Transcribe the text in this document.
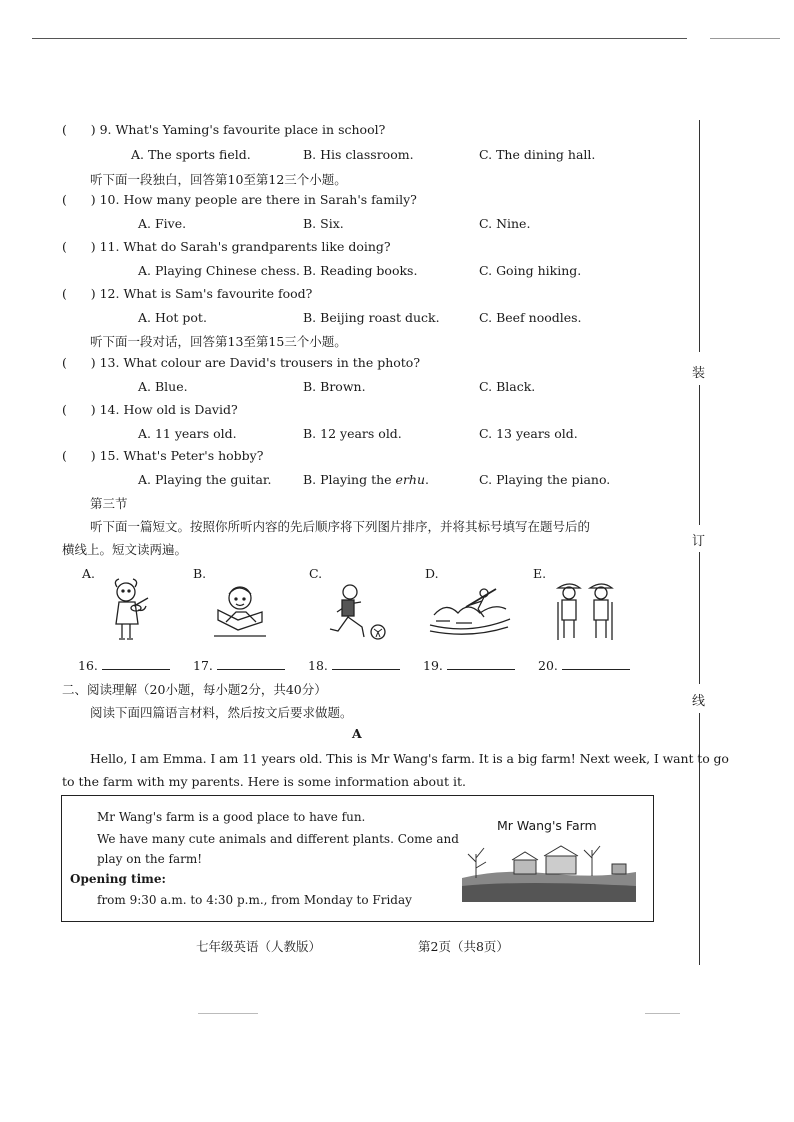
装
订
线
(      ) 9. What's Yaming's favourite place in school?
A. The sports field.	B. His classroom.	C. The dining hall.
听下面一段独白，回答第10至第12三个小题。
(      ) 10. How many people are there in Sarah's family?
A. Five.	B. Six.	C. Nine.
(      ) 11. What do Sarah's grandparents like doing?
A. Playing Chinese chess. B. Reading books.	C. Going hiking.
(      ) 12. What is Sam's favourite food?
A. Hot pot.	B. Beijing roast duck.	C. Beef noodles.
听下面一段对话，回答第13至第15三个小题。
(      ) 13. What colour are David's trousers in the photo?
A. Blue.	B. Brown.	C. Black.
(      ) 14. How old is David?
A. 11 years old.	B. 12 years old.	C. 13 years old.
(      ) 15. What's Peter's hobby?
A. Playing the guitar.	B. Playing the erhu.	C. Playing the piano.
第三节
听下面一篇短文。按照你所听内容的先后顺序将下列图片排序，并将其标号填写在题号后的
横线上。短文读两遍。
A.	B.	C.	D.	E.
16.	17.	18.	19.	20.
二、阅读理解（20小题，每小题2分，共40分）
阅读下面四篇语言材料，然后按文后要求做题。
A
Hello, I am Emma. I am 11 years old. This is Mr Wang's farm. It is a big farm! Next week, I want to go
to the farm with my parents. Here is some information about it.
Mr Wang's farm is a good place to have fun.
We have many cute animals and different plants. Come and
play on the farm!
Opening time:
from 9:30 a.m. to 4:30 p.m., from Monday to Friday
Mr Wang's Farm
七年级英语（人教版）	第2页（共8页）
